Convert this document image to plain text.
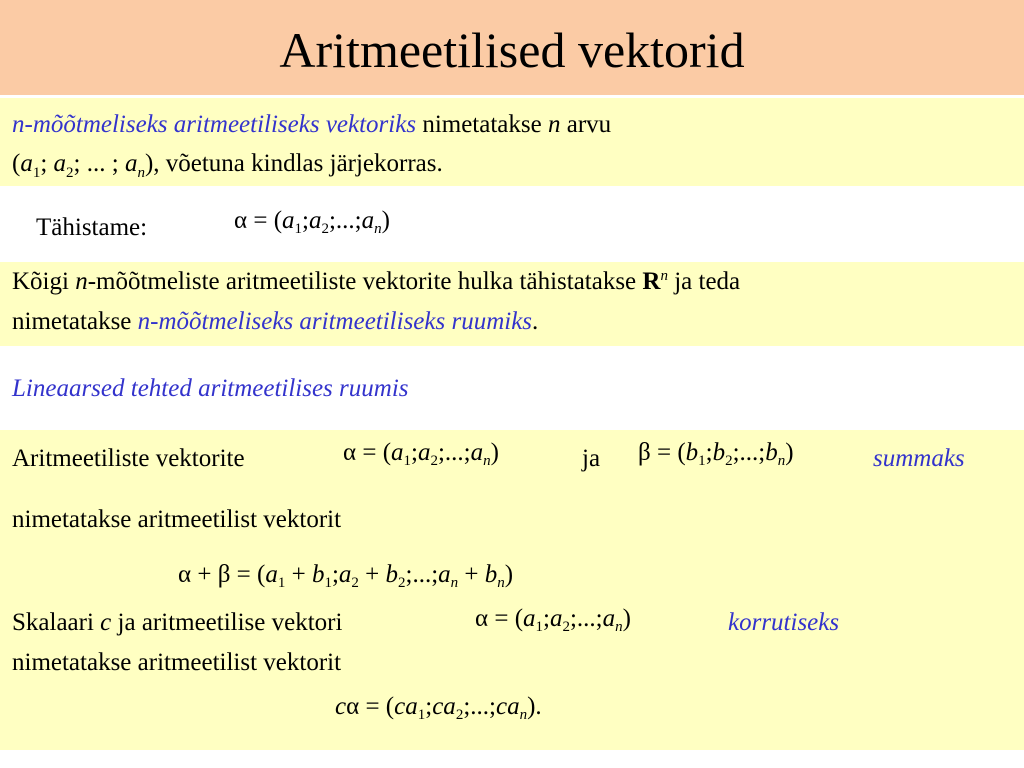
Aritmeetilised vektorid
n-mõõtmeliseks aritmeetiliseks vektoriks nimetatakse n arvu
($a_1$; $a_2$; ... ; $a_n$), võetuna kindlas järjekorras.
Tähistame:	$\alpha = (a_1;a_2;...;a_n)$
Kõigi n-mõõtmeliste aritmeetiliste vektorite hulka tähistatakse $R^n$ ja teda
nimetatakse n-mõõtmeliseks aritmeetiliseks ruumiks.
Lineaarsed tehted aritmeetilises ruumis
Aritmeetiliste vektorite	$\alpha = (a_1;a_2;...;a_n)$	ja $\beta = (b_1;b_2;...;b_n)$	summaks
nimetatakse aritmeetilist vektorit
$\alpha + \beta = (a_1$ + $b_1;a_2$ + $b_2;...;a_n + b_n$)
Skalaari c ja aritmeetilise vektori	$\alpha = (a_1;a_2;...;a_n)$	korrutiseks
nimetatakse aritmeetilist vektorit
$c\alpha = (ca_1;ca_2;...;ca_n)$.
